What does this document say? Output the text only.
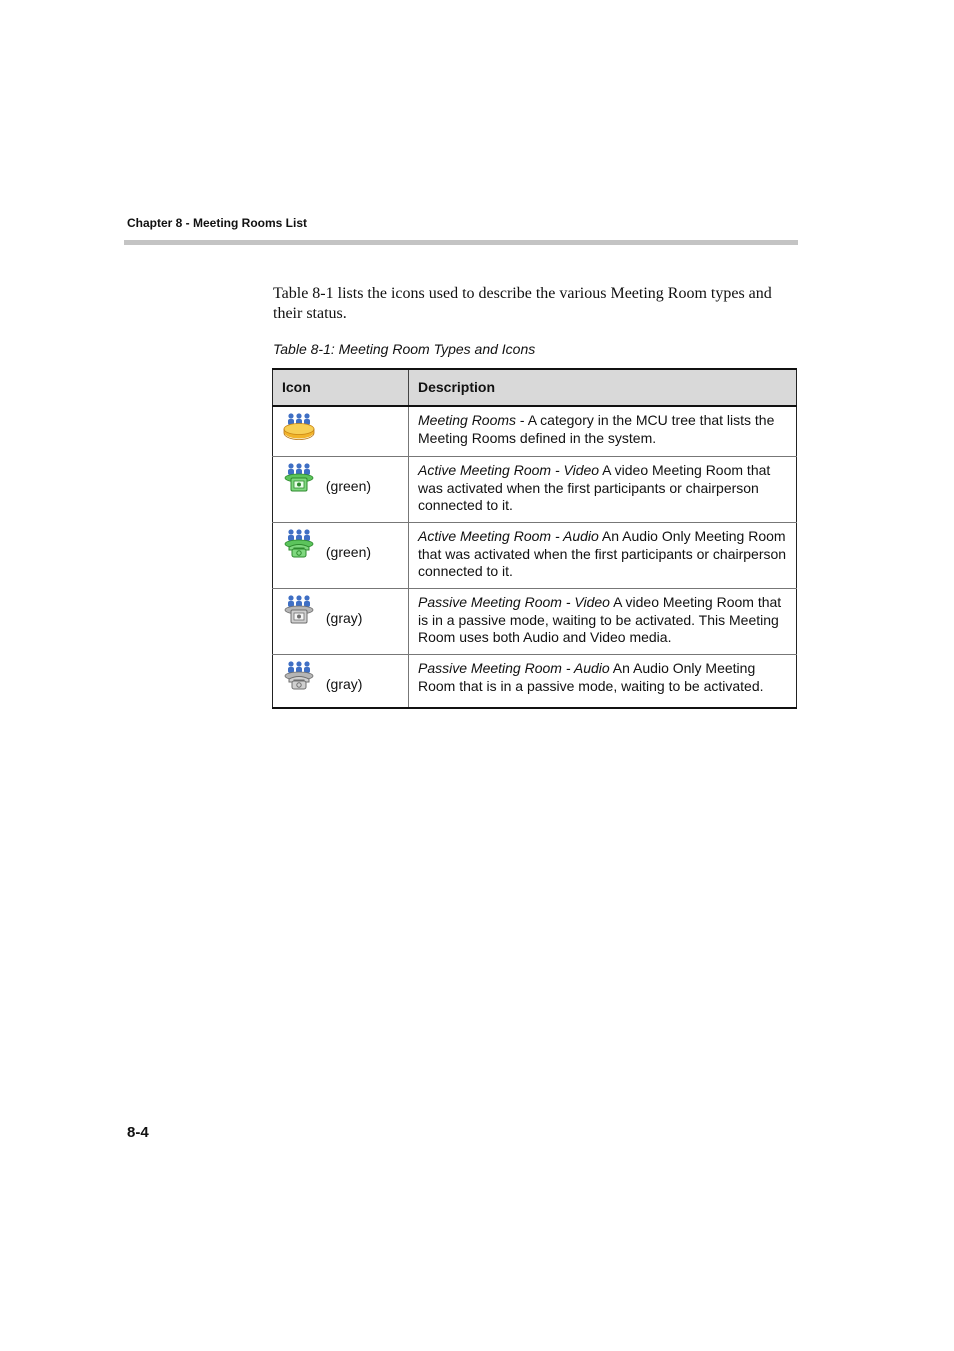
Chapter 8 - Meeting Rooms List

Table 8-1 lists the icons used to describe the various Meeting Room types and their status.

Table 8-1: Meeting Room Types and Icons

Icon	Description
	Meeting Rooms - A category in the MCU tree that lists the Meeting Rooms defined in the system.
(green)	Active Meeting Room - Video A video Meeting Room that was activated when the first participants or chairperson connected to it.
(green)	Active Meeting Room - Audio An Audio Only Meeting Room that was activated when the first participants or chairperson connected to it.
(gray)	Passive Meeting Room - Video A video Meeting Room that is in a passive mode, waiting to be activated. This Meeting Room uses both Audio and Video media.
(gray)	Passive Meeting Room - Audio An Audio Only Meeting Room that is in a passive mode, waiting to be activated.
8-4
